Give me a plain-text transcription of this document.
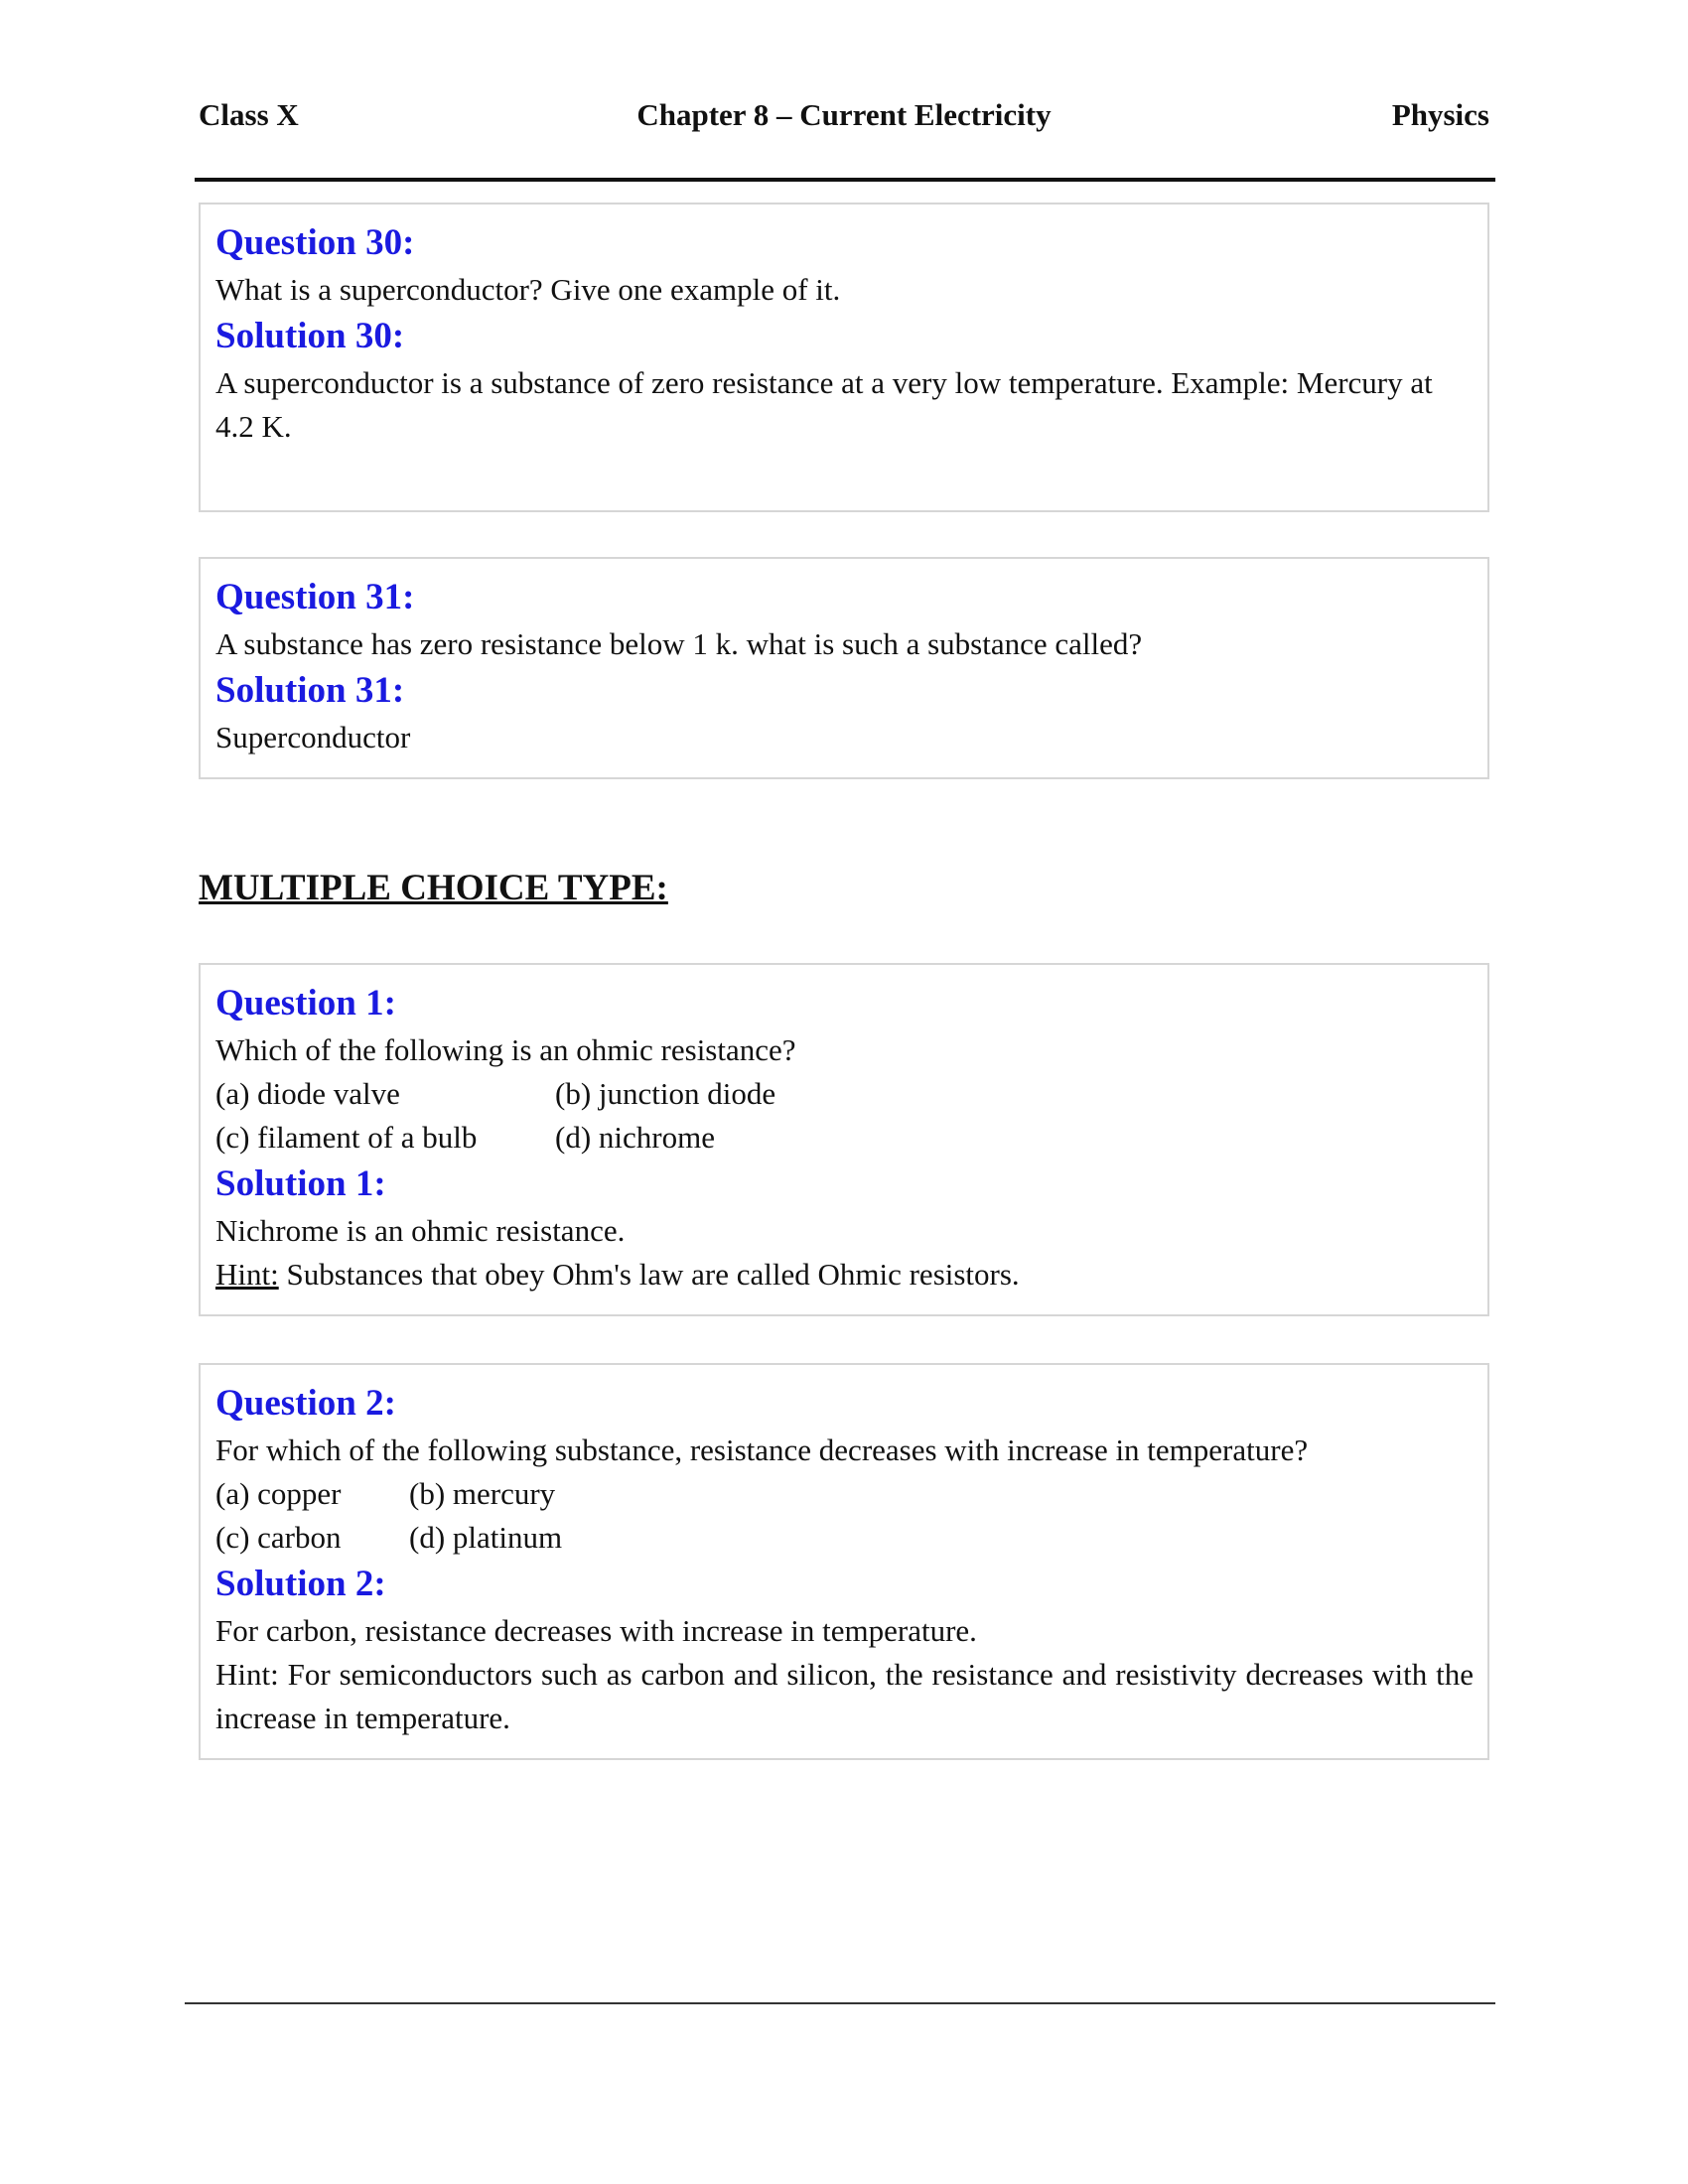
Class X	Chapter 8 – Current Electricity	Physics

Question 30:

What is a superconductor? Give one example of it.

Solution 30:

A superconductor is a substance of zero resistance at a very low temperature. Example: Mercury at 4.2 K.

Question 31:

A substance has zero resistance below 1 k. what is such a substance called?

Solution 31:

Superconductor

MULTIPLE CHOICE TYPE:

Question 1:

Which of the following is an ohmic resistance?

(a) diode valve	(b) junction diode
(c) filament of a bulb	(d) nichrome

Solution 1:

Nichrome is an ohmic resistance.

Hint: Substances that obey Ohm's law are called Ohmic resistors.

Question 2:

For which of the following substance, resistance decreases with increase in temperature?

(a) copper	(b) mercury
(c) carbon	(d) platinum

Solution 2:

For carbon, resistance decreases with increase in temperature.

Hint: For semiconductors such as carbon and silicon, the resistance and resistivity decreases with the increase in temperature.
